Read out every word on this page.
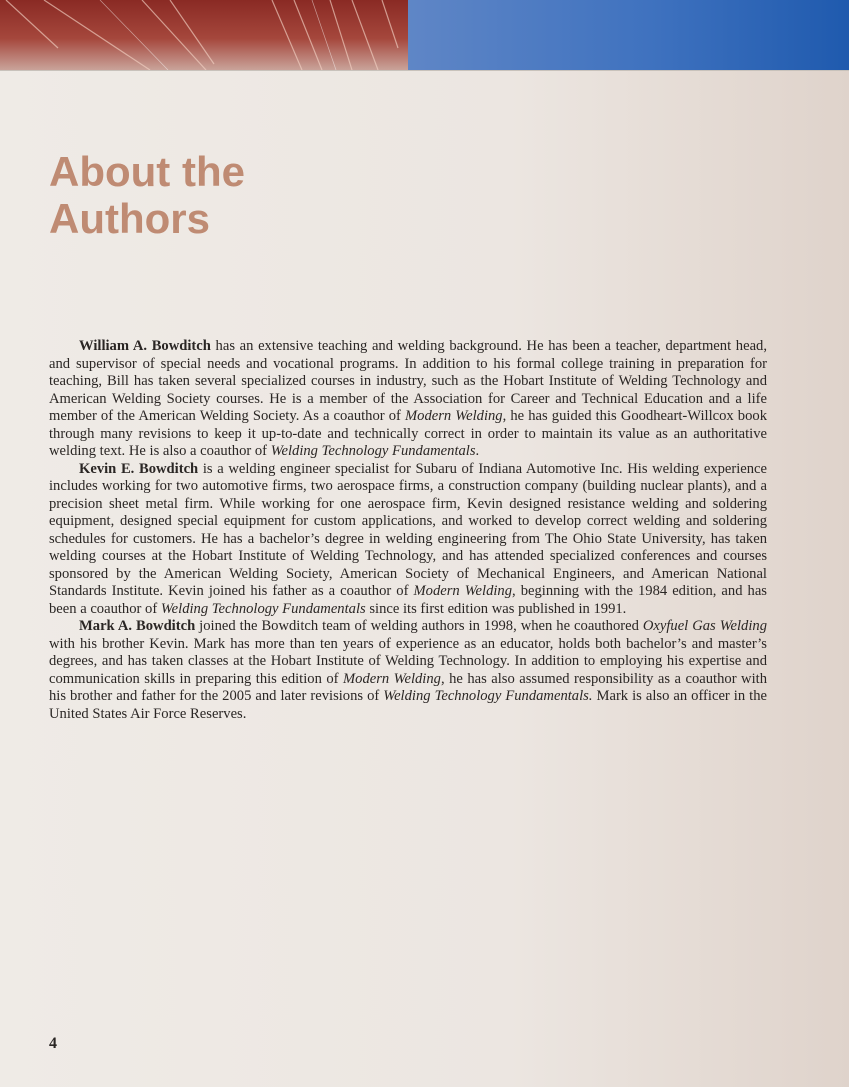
About the
Authors

William A. Bowditch has an extensive teaching and welding background. He has been a teacher, department head, and supervisor of special needs and vocational programs. In addition to his formal college training in preparation for teaching, Bill has taken several specialized courses in industry, such as the Hobart Institute of Welding Technology and American Welding Society courses. He is a member of the Association for Career and Technical Education and a life member of the American Welding Society. As a coauthor of Modern Welding, he has guided this Goodheart-Willcox book through many revisions to keep it up-to-date and technically correct in order to maintain its value as an authoritative welding text. He is also a coauthor of Welding Technology Fundamentals.

Kevin E. Bowditch is a welding engineer specialist for Subaru of Indiana Automotive Inc. His welding experience includes working for two automotive firms, two aerospace firms, a construction company (building nuclear plants), and a precision sheet metal firm. While working for one aerospace firm, Kevin designed resistance welding and soldering equipment, designed special equipment for custom applications, and worked to develop correct welding and soldering schedules for customers. He has a bachelor’s degree in welding engineering from The Ohio State University, has taken welding courses at the Hobart Institute of Welding Technology, and has attended specialized conferences and courses sponsored by the American Welding Society, American Society of Mechanical Engineers, and American National Standards Institute. Kevin joined his father as a coauthor of Modern Welding, beginning with the 1984 edition, and has been a coauthor of Welding Technology Fundamentals since its first edition was published in 1991.

Mark A. Bowditch joined the Bowditch team of welding authors in 1998, when he coauthored Oxyfuel Gas Welding with his brother Kevin. Mark has more than ten years of experience as an educator, holds both bachelor’s and master’s degrees, and has taken classes at the Hobart Institute of Welding Technology. In addition to employing his expertise and communication skills in preparing this edition of Modern Welding, he has also assumed responsibility as a coauthor with his brother and father for the 2005 and later revisions of Welding Technology Fundamentals. Mark is also an officer in the United States Air Force Reserves.

4
